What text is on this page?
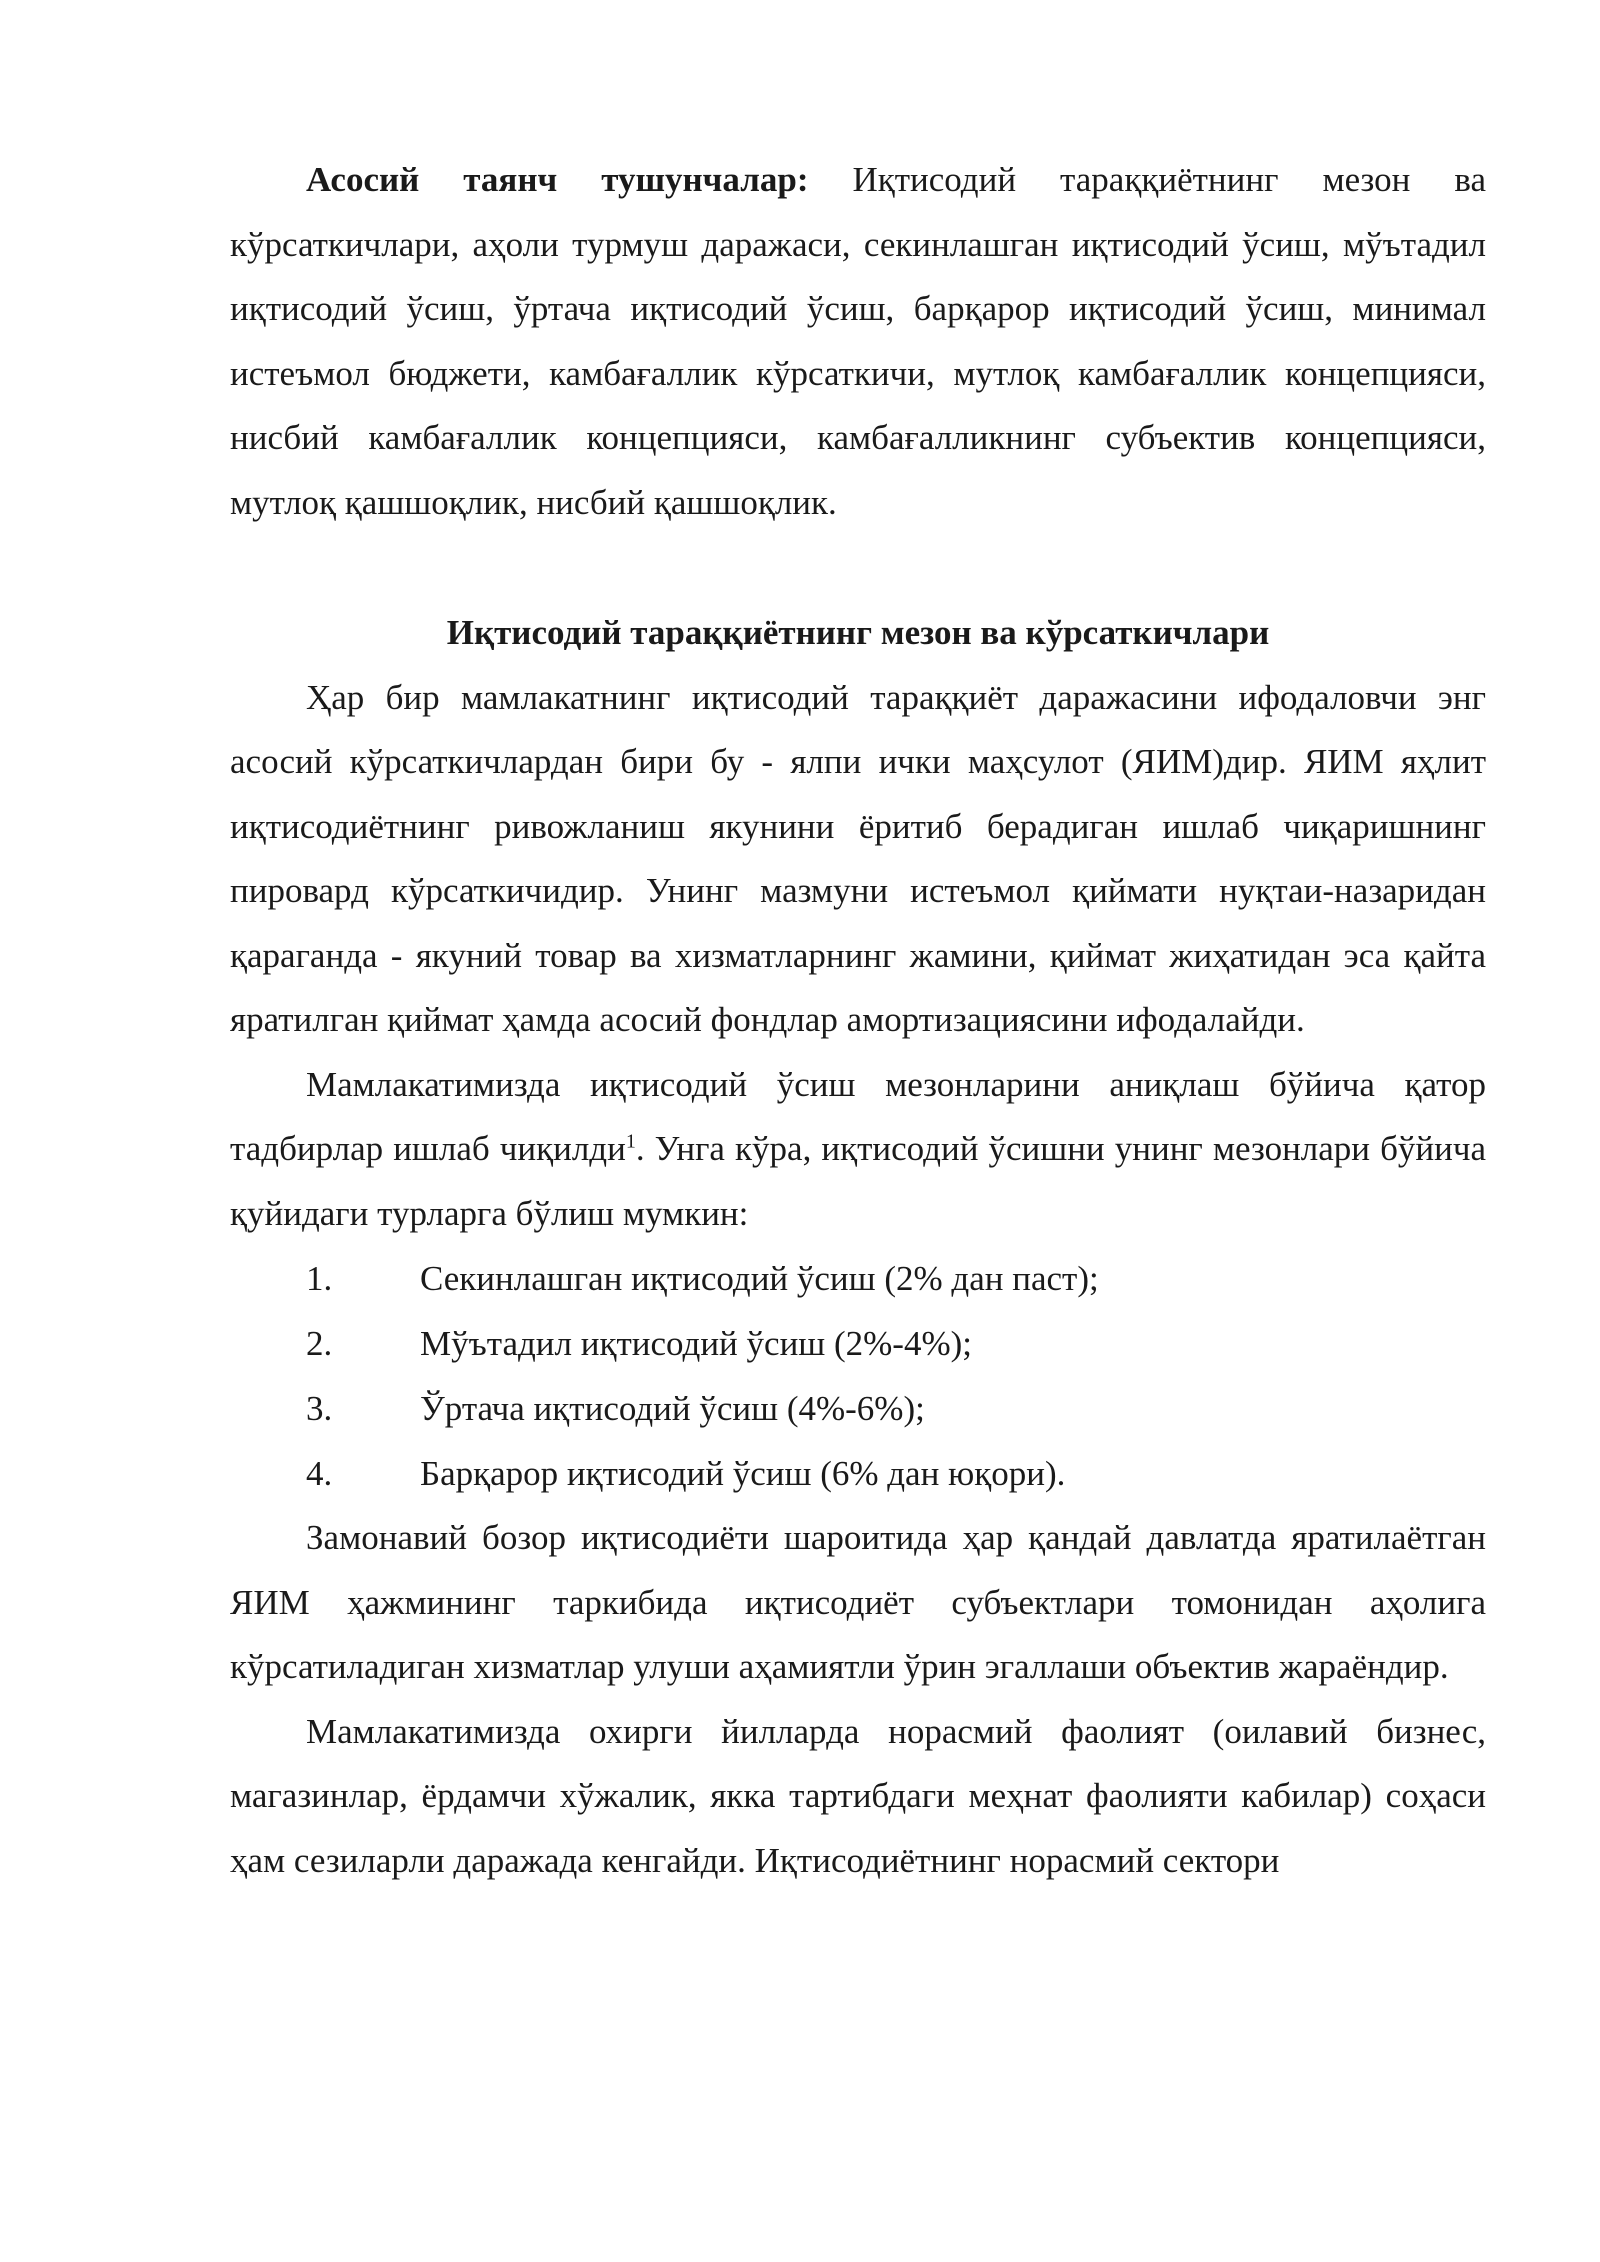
Асосий таянч тушунчалар: Иқтисодий тараққиётнинг мезон ва кўрсаткичлари, аҳоли турмуш даражаси, секинлашган иқтисодий ўсиш, мўътадил иқтисодий ўсиш, ўртача иқтисодий ўсиш, барқарор иқтисодий ўсиш, минимал истеъмол бюджети, камбағаллик кўрсаткичи, мутлоқ камбағаллик концепцияси, нисбий камбағаллик концепцияси, камбағалликнинг субъектив концепцияси, мутлоқ қашшоқлик, нисбий қашшоқлик.

Иқтисодий тараққиётнинг мезон ва кўрсаткичлари

Ҳар бир мамлакатнинг иқтисодий тараққиёт даражасини ифодаловчи энг асосий кўрсаткичлардан бири бу - ялпи ички маҳсулот (ЯИМ)дир. ЯИМ яҳлит иқтисодиётнинг ривожланиш якунини ёритиб берадиган ишлаб чиқаришнинг пировард кўрсаткичидир. Унинг мазмуни истеъмол қиймати нуқтаи-назаридан қараганда - якуний товар ва хизматларнинг жамини, қиймат жиҳатидан эса қайта яратилган қиймат ҳамда асосий фондлар амортизациясини ифодалайди.

Мамлакатимизда иқтисодий ўсиш мезонларини аниқлаш бўйича қатор тадбирлар ишлаб чиқилди$^1$. Унга кўра, иқтисодий ўсишни унинг мезонлари бўйича қуйидаги турларга бўлиш мумкин:

1.	Секинлашган иқтисодий ўсиш (2% дан паст);
2.	Мўътадил иқтисодий ўсиш (2%-4%);
3.	Ўртача иқтисодий ўсиш (4%-6%);
4.	Барқарор иқтисодий ўсиш (6% дан юқори).

Замонавий бозор иқтисодиёти шароитида ҳар қандай давлатда яратилаётган ЯИМ ҳажмининг таркибида иқтисодиёт субъектлари томонидан аҳолига кўрсатиладиган хизматлар улуши аҳамиятли ўрин эгаллаши объектив жараёндир.

Мамлакатимизда охирги йилларда норасмий фаолият (оилавий бизнес, магазинлар, ёрдамчи хўжалик, якка тартибдаги меҳнат фаолияти кабилар) соҳаси ҳам сезиларли даражада кенгайди. Иқтисодиётнинг норасмий сектори
